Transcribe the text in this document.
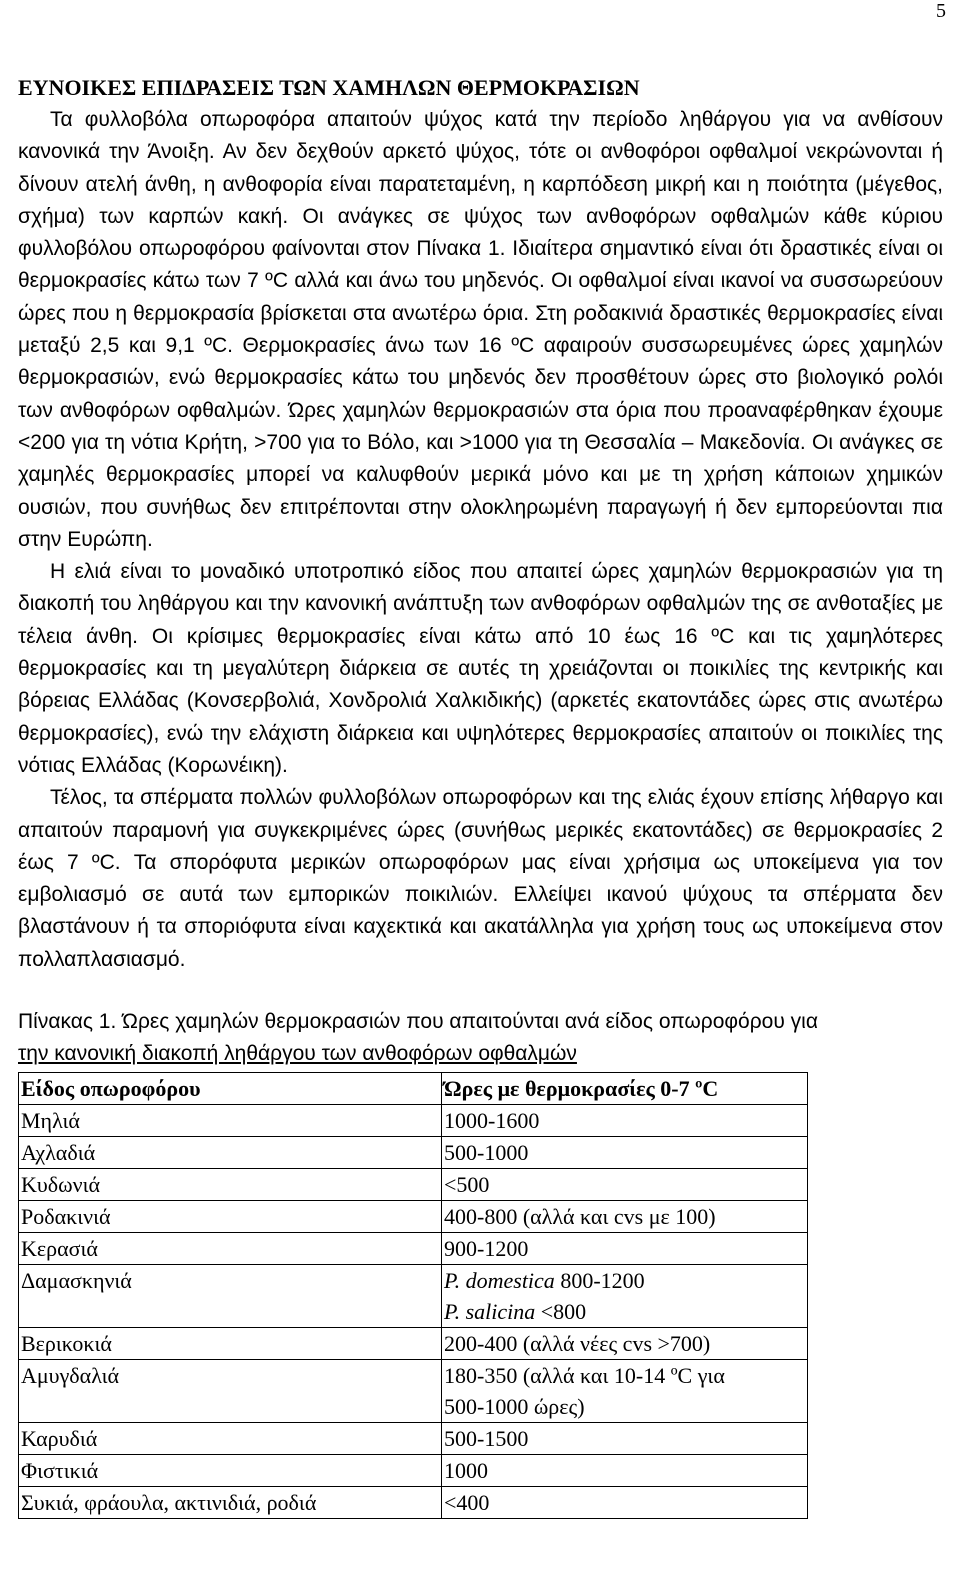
5
ΕΥΝΟΙΚΕΣ ΕΠΙΔΡΑΣΕΙΣ ΤΩΝ ΧΑΜΗΛΩΝ ΘΕΡΜΟΚΡΑΣΙΩΝ

Τα φυλλοβόλα οπωροφόρα απαιτούν ψύχος κατά την περίοδο ληθάργου για να ανθίσουν κανονικά την Άνοιξη. Αν δεν δεχθούν αρκετό ψύχος, τότε οι ανθοφόροι οφθαλμοί νεκρώνονται ή δίνουν ατελή άνθη, η ανθοφορία είναι παρατεταμένη, η καρπόδεση μικρή και η ποιότητα (μέγεθος, σχήμα) των καρπών κακή. Οι ανάγκες σε ψύχος των ανθοφόρων οφθαλμών κάθε κύριου φυλλοβόλου οπωροφόρου φαίνονται στον Πίνακα 1. Ιδιαίτερα σημαντικό είναι ότι δραστικές είναι οι θερμοκρασίες κάτω των 7 ºC αλλά και άνω του μηδενός. Οι οφθαλμοί είναι ικανοί να συσσωρεύουν ώρες που η θερμοκρασία βρίσκεται στα ανωτέρω όρια. Στη ροδακινιά δραστικές θερμοκρασίες είναι μεταξύ 2,5 και 9,1 ºC. Θερμοκρασίες άνω των 16 ºC αφαιρούν συσσωρευμένες ώρες χαμηλών θερμοκρασιών, ενώ θερμοκρασίες κάτω του μηδενός δεν προσθέτουν ώρες στο βιολογικό ρολόι των ανθοφόρων οφθαλμών. Ώρες χαμηλών θερμοκρασιών στα όρια που προαναφέρθηκαν έχουμε <200 για τη νότια Κρήτη, >700 για το Βόλο, και >1000 για τη Θεσσαλία – Μακεδονία. Οι ανάγκες σε χαμηλές θερμοκρασίες μπορεί να καλυφθούν μερικά μόνο και με τη χρήση κάποιων χημικών ουσιών, που συνήθως δεν επιτρέπονται στην ολοκληρωμένη παραγωγή ή δεν εμπορεύονται πια στην Ευρώπη.

Η ελιά είναι το μοναδικό υποτροπικό είδος που απαιτεί ώρες χαμηλών θερμοκρασιών για τη διακοπή του ληθάργου και την κανονική ανάπτυξη των ανθοφόρων οφθαλμών της σε ανθοταξίες με τέλεια άνθη. Οι κρίσιμες θερμοκρασίες είναι κάτω από 10 έως 16 ºC και τις χαμηλότερες θερμοκρασίες και τη μεγαλύτερη διάρκεια σε αυτές τη χρειάζονται οι ποικιλίες της κεντρικής και βόρειας Ελλάδας (Κονσερβολιά, Χονδρολιά Χαλκιδικής) (αρκετές εκατοντάδες ώρες στις ανωτέρω θερμοκρασίες), ενώ την ελάχιστη διάρκεια και υψηλότερες θερμοκρασίες απαιτούν οι ποικιλίες της νότιας Ελλάδας (Κορωνέικη).

Τέλος, τα σπέρματα πολλών φυλλοβόλων οπωροφόρων και της ελιάς έχουν επίσης λήθαργο και απαιτούν παραμονή για συγκεκριμένες ώρες (συνήθως μερικές εκατοντάδες) σε θερμοκρασίες 2 έως 7 ºC. Τα σπορόφυτα μερικών οπωροφόρων μας είναι χρήσιμα ως υποκείμενα για τον εμβολιασμό σε αυτά των εμπορικών ποικιλιών. Ελλείψει ικανού ψύχους τα σπέρματα δεν βλαστάνουν ή τα σποριόφυτα είναι καχεκτικά και ακατάλληλα για χρήση τους ως υποκείμενα στον πολλαπλασιασμό.

Πίνακας 1. Ώρες χαμηλών θερμοκρασιών που απαιτούνται ανά είδος οπωροφόρου για
την κανονική διακοπή ληθάργου των ανθοφόρων οφθαλμών

Είδος οπωροφόρου	Ώρες με θερμοκρασίες 0-7 ºC
Μηλιά	1000-1600
Αχλαδιά	500-1000
Κυδωνιά	<500
Ροδακινιά	400-800 (αλλά και cvs με 100)
Κερασιά	900-1200
Δαμασκηνιά	P. domestica 800-1200
P. salicina <800
Βερικοκιά	200-400 (αλλά νέες cvs >700)
Αμυγδαλιά	180-350 (αλλά και 10-14 ºC για
500-1000 ώρες)
Καρυδιά	500-1500
Φιστικιά	1000
Συκιά, φράουλα, ακτινιδιά, ροδιά	<400
